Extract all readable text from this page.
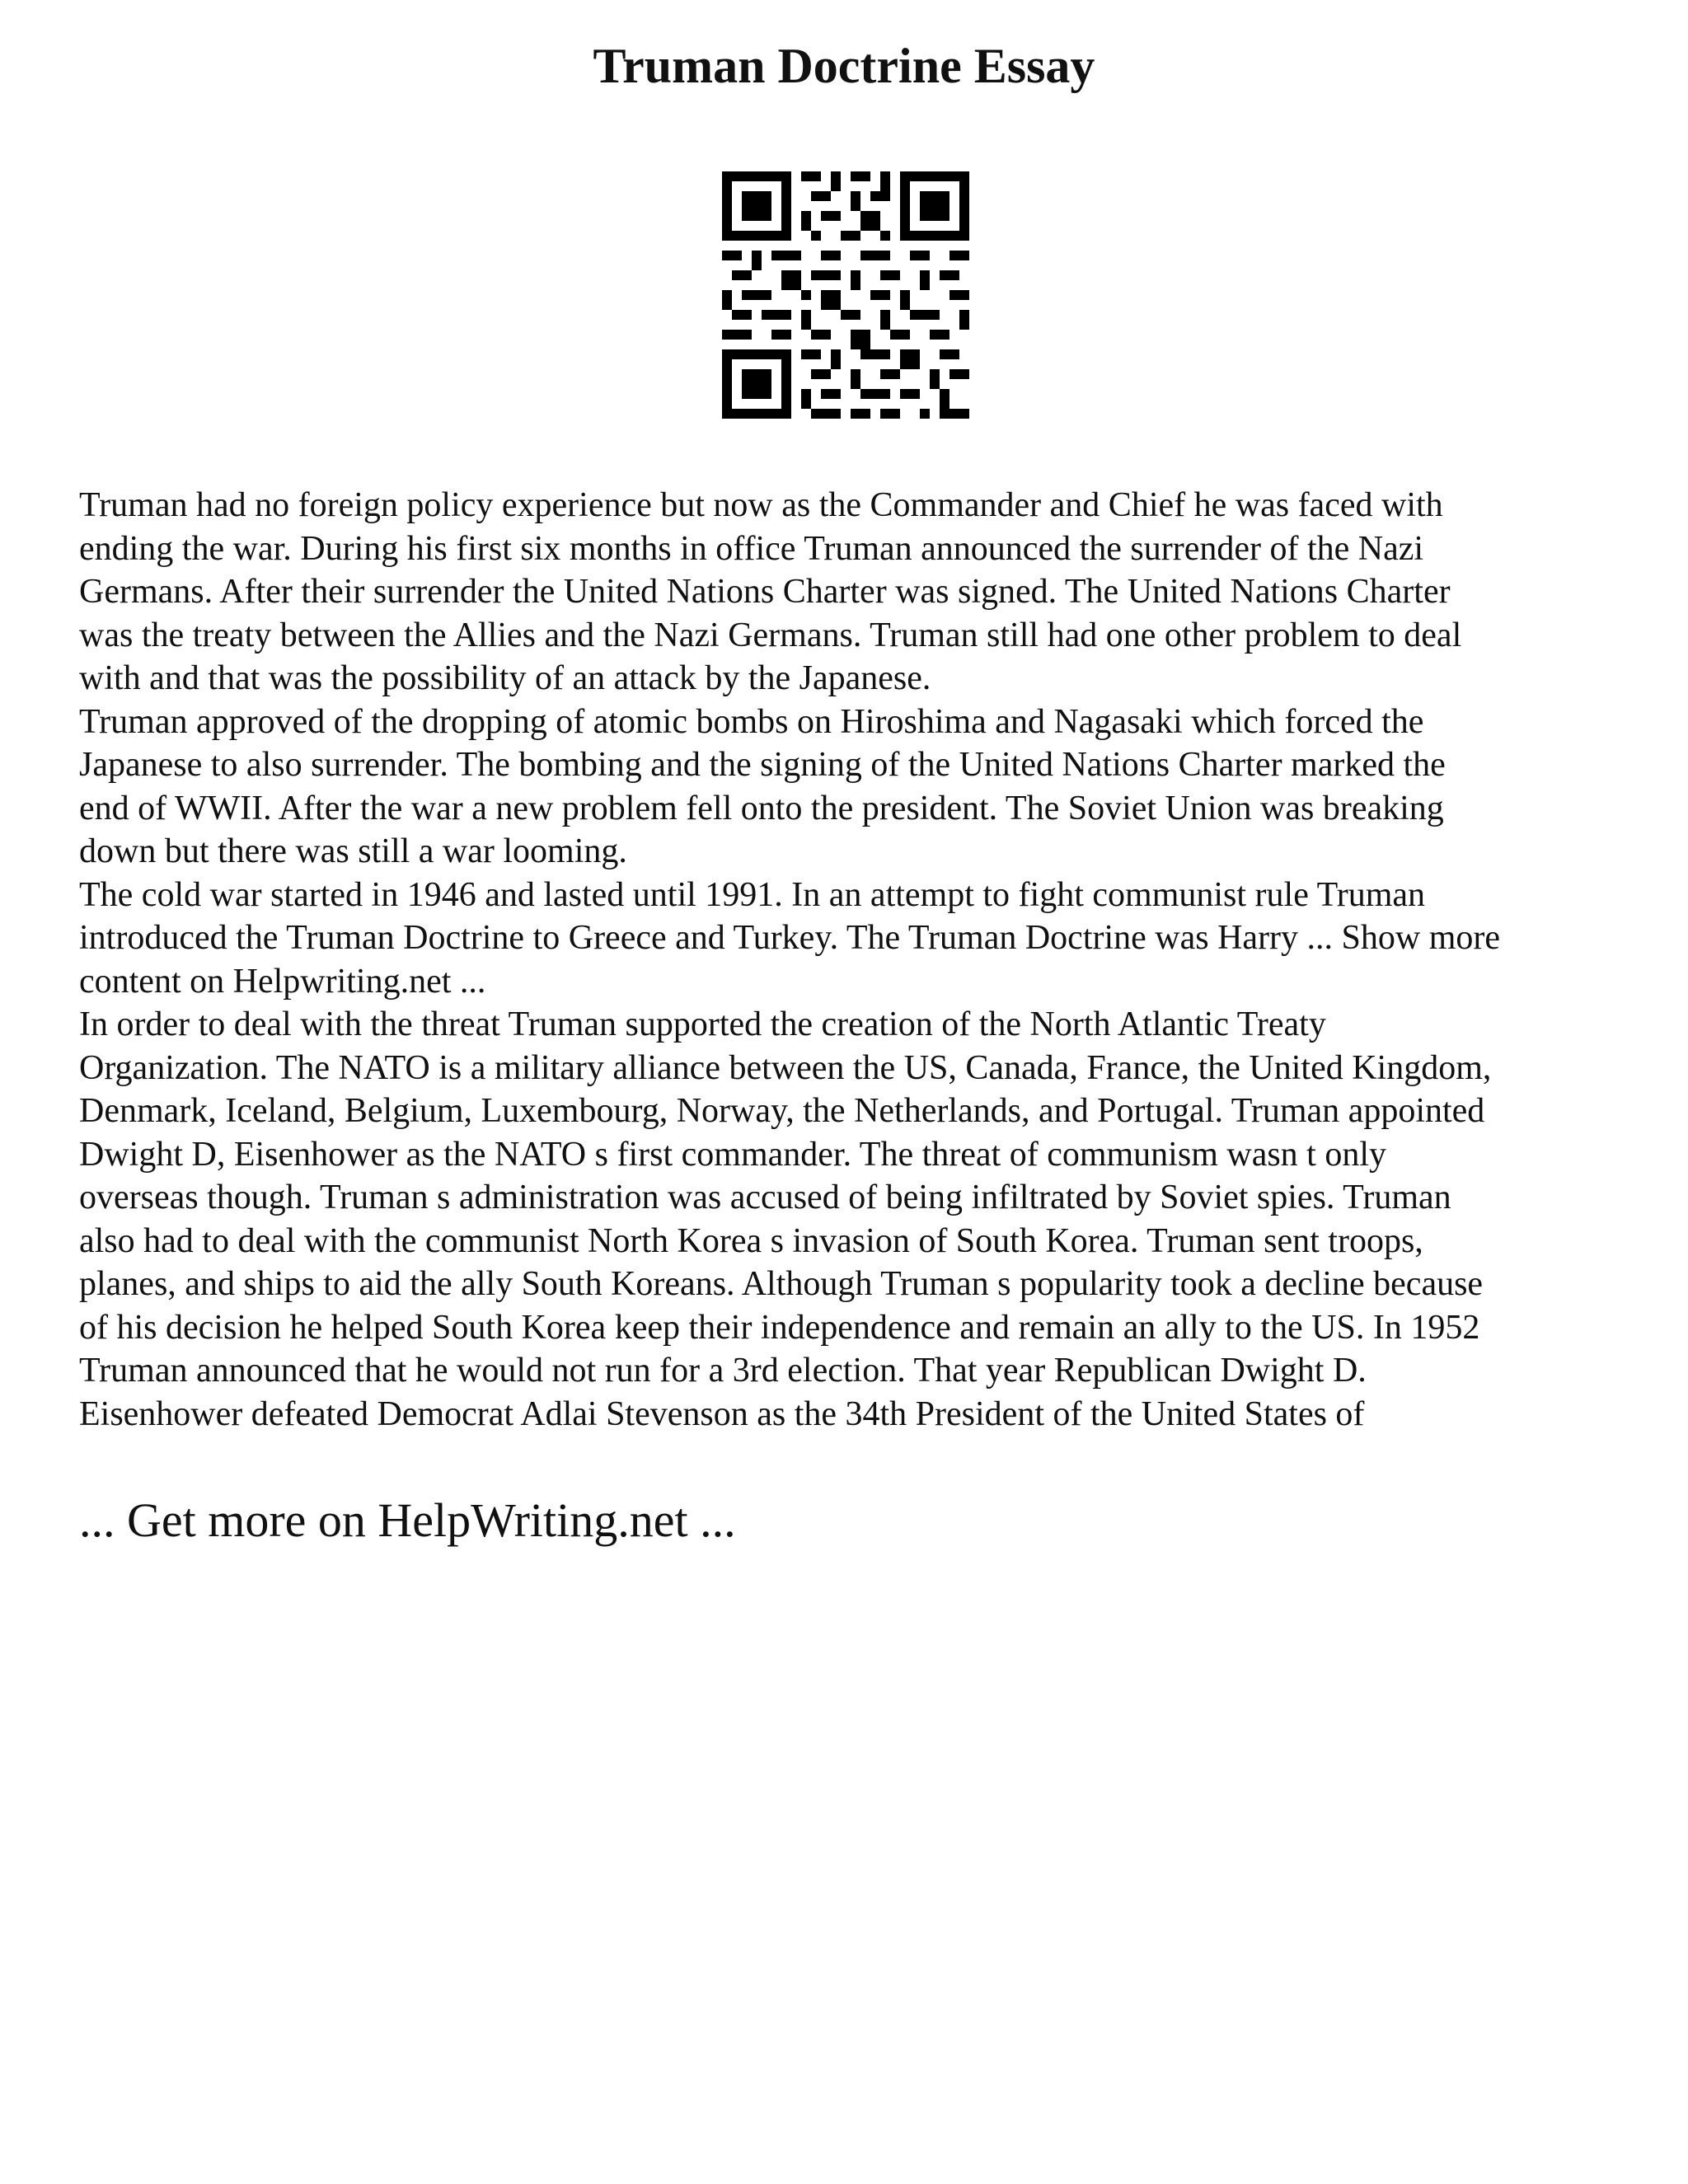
Truman Doctrine Essay
Truman had no foreign policy experience but now as the Commander and Chief he was faced with
ending the war. During his first six months in office Truman announced the surrender of the Nazi
Germans. After their surrender the United Nations Charter was signed. The United Nations Charter
was the treaty between the Allies and the Nazi Germans. Truman still had one other problem to deal
with and that was the possibility of an attack by the Japanese.
Truman approved of the dropping of atomic bombs on Hiroshima and Nagasaki which forced the
Japanese to also surrender. The bombing and the signing of the United Nations Charter marked the
end of WWII. After the war a new problem fell onto the president. The Soviet Union was breaking
down but there was still a war looming.
The cold war started in 1946 and lasted until 1991. In an attempt to fight communist rule Truman
introduced the Truman Doctrine to Greece and Turkey. The Truman Doctrine was Harry ... Show more
content on Helpwriting.net ...
In order to deal with the threat Truman supported the creation of the North Atlantic Treaty
Organization. The NATO is a military alliance between the US, Canada, France, the United Kingdom,
Denmark, Iceland, Belgium, Luxembourg, Norway, the Netherlands, and Portugal. Truman appointed
Dwight D, Eisenhower as the NATO s first commander. The threat of communism wasn t only
overseas though. Truman s administration was accused of being infiltrated by Soviet spies. Truman
also had to deal with the communist North Korea s invasion of South Korea. Truman sent troops,
planes, and ships to aid the ally South Koreans. Although Truman s popularity took a decline because
of his decision he helped South Korea keep their independence and remain an ally to the US. In 1952
Truman announced that he would not run for a 3rd election. That year Republican Dwight D.
Eisenhower defeated Democrat Adlai Stevenson as the 34th President of the United States of
... Get more on HelpWriting.net ...
